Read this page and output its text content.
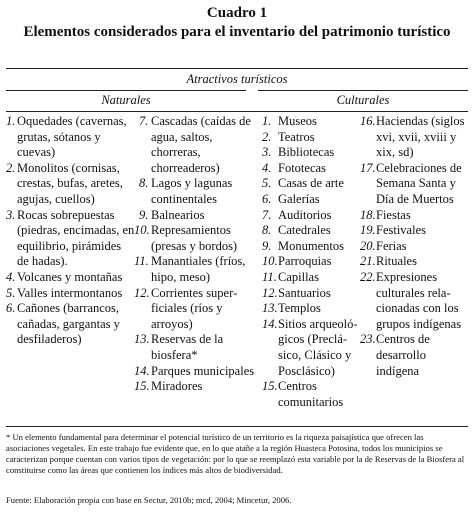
Cuadro 1
Elementos considerados para el inventario del patrimonio turístico
Atractivos turísticos
Naturales	Culturales
1. Oquedades (cavernas, grutas, sótanos y cuevas)
2. Monolitos (cornisas, crestas, bufas, aretes, agujas, cuellos)
3. Rocas sobrepuestas (piedras, encimadas, en equilibrio, pirámides de hadas).
4. Volcanes y montañas
5. Valles intermontanos
6. Cañones (barrancos, cañadas, gargantas y desfiladeros)
7. Cascadas (caídas de agua, saltos, chorreras, chorreaderos)
8. Lagos y lagunas continentales
9. Balnearios
10. Represamientos (presas y bordos)
11. Manantiales (fríos, hipo, meso)
12. Corrientes superficiales (ríos y arroyos)
13. Reservas de la biosfera*
14. Parques municipales
15. Miradores
1. Museos
2. Teatros
3. Bibliotecas
4. Fototecas
5. Casas de arte
6. Galerías
7. Auditorios
8. Catedrales
9. Monumentos
10. Parroquias
11. Capillas
12. Santuarios
13. Templos
14. Sitios arqueológicos (Preclásico, Clásico y Posclásico)
15. Centros comunitarios
16. Haciendas (siglos xvi, xvii, xviii y xix, sd)
17. Celebraciones de Semana Santa y Día de Muertos
18. Fiestas
19. Festivales
20. Ferias
21. Rituales
22. Expresiones culturales relacionadas con los grupos indígenas
23. Centros de desarrollo indígena
* Un elemento fundamental para determinar el potencial turístico de un territorio es la riqueza paisajística que ofrecen las asociaciones vegetales. En este trabajo fue evidente que, en lo que atañe a la región Huasteca Potosina, todos los municipios se caracterizan porque cuentan con varios tipos de vegetación: por lo que se reemplazó esta variable por la de Reservas de la Biosfera al constituirse como las áreas que contienen los índices más altos de biodiversidad.
Fuente: Elaboración propia con base en Sectur, 2010b; mcd, 2004; Mincetur, 2006.
